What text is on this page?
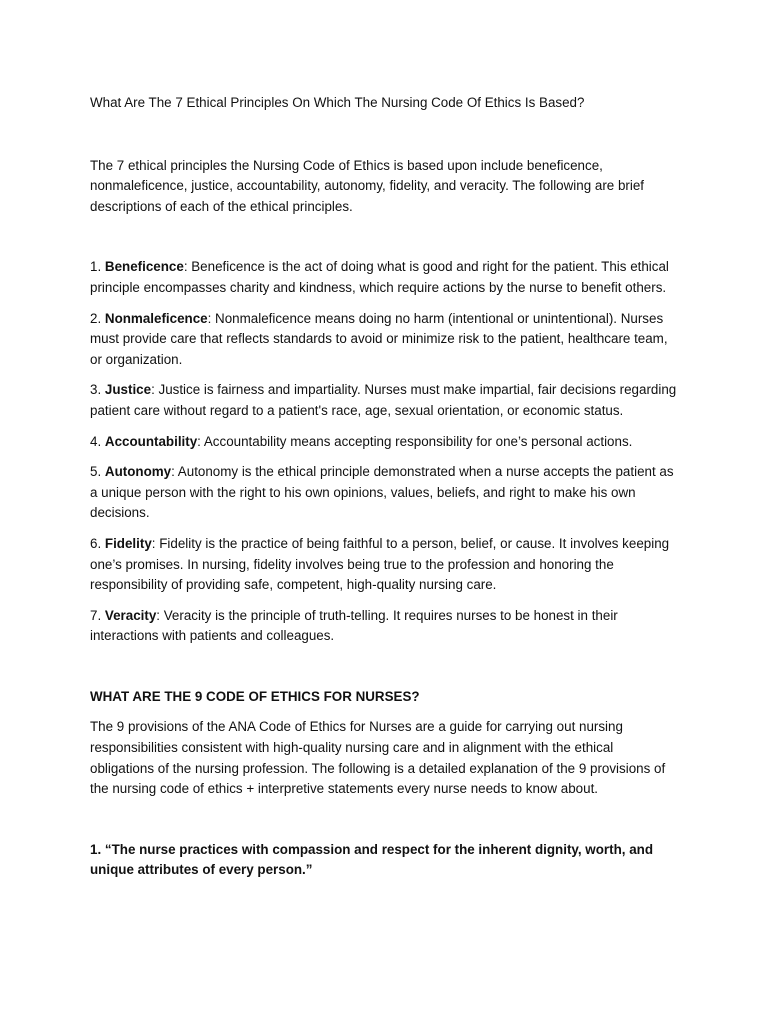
What Are The 7 Ethical Principles On Which The Nursing Code Of Ethics Is Based?

The 7 ethical principles the Nursing Code of Ethics is based upon include beneficence, nonmaleficence, justice, accountability, autonomy, fidelity, and veracity. The following are brief descriptions of each of the ethical principles.

1. Beneficence: Beneficence is the act of doing what is good and right for the patient. This ethical principle encompasses charity and kindness, which require actions by the nurse to benefit others.

2. Nonmaleficence: Nonmaleficence means doing no harm (intentional or unintentional). Nurses must provide care that reflects standards to avoid or minimize risk to the patient, healthcare team, or organization.

3. Justice: Justice is fairness and impartiality. Nurses must make impartial, fair decisions regarding patient care without regard to a patient's race, age, sexual orientation, or economic status.

4. Accountability: Accountability means accepting responsibility for one’s personal actions.

5. Autonomy: Autonomy is the ethical principle demonstrated when a nurse accepts the patient as a unique person with the right to his own opinions, values, beliefs, and right to make his own decisions.

6. Fidelity: Fidelity is the practice of being faithful to a person, belief, or cause. It involves keeping one’s promises. In nursing, fidelity involves being true to the profession and honoring the responsibility of providing safe, competent, high-quality nursing care.

7. Veracity: Veracity is the principle of truth-telling. It requires nurses to be honest in their interactions with patients and colleagues.

WHAT ARE THE 9 CODE OF ETHICS FOR NURSES?

The 9 provisions of the ANA Code of Ethics for Nurses are a guide for carrying out nursing responsibilities consistent with high-quality nursing care and in alignment with the ethical obligations of the nursing profession. The following is a detailed explanation of the 9 provisions of the nursing code of ethics + interpretive statements every nurse needs to know about.

1. “The nurse practices with compassion and respect for the inherent dignity, worth, and unique attributes of every person.”
